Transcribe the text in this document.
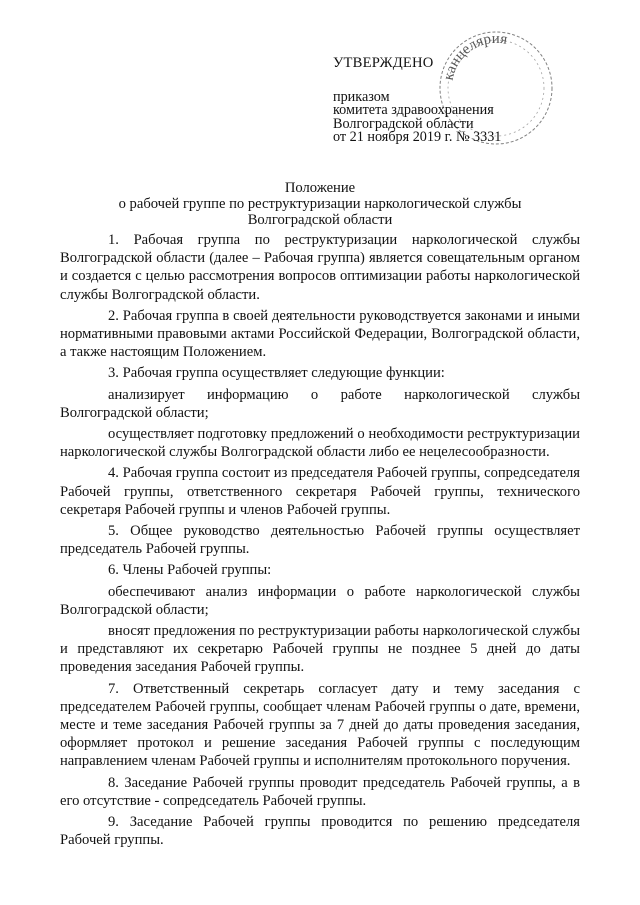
канцелярия
УТВЕРЖДЕНО
приказом
комитета здравоохранения
Волгоградской области
от 21 ноября 2019 г. № 3331
Положение
о рабочей группе по реструктуризации наркологической службы
Волгоградской области

1. Рабочая группа по реструктуризации наркологической службы Волгоградской области (далее – Рабочая группа) является совещательным органом и создается с целью рассмотрения вопросов оптимизации работы наркологической службы Волгоградской области.

2. Рабочая группа в своей деятельности руководствуется законами и иными нормативными правовыми актами Российской Федерации, Волгоградской области, а также настоящим Положением.

3. Рабочая группа осуществляет следующие функции:

анализирует информацию о работе наркологической службы Волгоградской области;

осуществляет подготовку предложений о необходимости реструктуризации наркологической службы Волгоградской области либо ее нецелесообразности.

4. Рабочая группа состоит из председателя Рабочей группы, сопредседателя Рабочей группы, ответственного секретаря Рабочей группы, технического секретаря Рабочей группы и членов Рабочей группы.

5. Общее руководство деятельностью Рабочей группы осуществляет председатель Рабочей группы.

6. Члены Рабочей группы:

обеспечивают анализ информации о работе наркологической службы Волгоградской области;

вносят предложения по реструктуризации работы наркологической службы и представляют их секретарю Рабочей группы не позднее 5 дней до даты проведения заседания Рабочей группы.

7. Ответственный секретарь согласует дату и тему заседания с председателем Рабочей группы, сообщает членам Рабочей группы о дате, времени, месте и теме заседания Рабочей группы за 7 дней до даты проведения заседания, оформляет протокол и решение заседания Рабочей группы с последующим направлением членам Рабочей группы и исполнителям протокольного поручения.

8. Заседание Рабочей группы проводит председатель Рабочей группы, а в его отсутствие - сопредседатель Рабочей группы.

9. Заседание Рабочей группы проводится по решению председателя Рабочей группы.
